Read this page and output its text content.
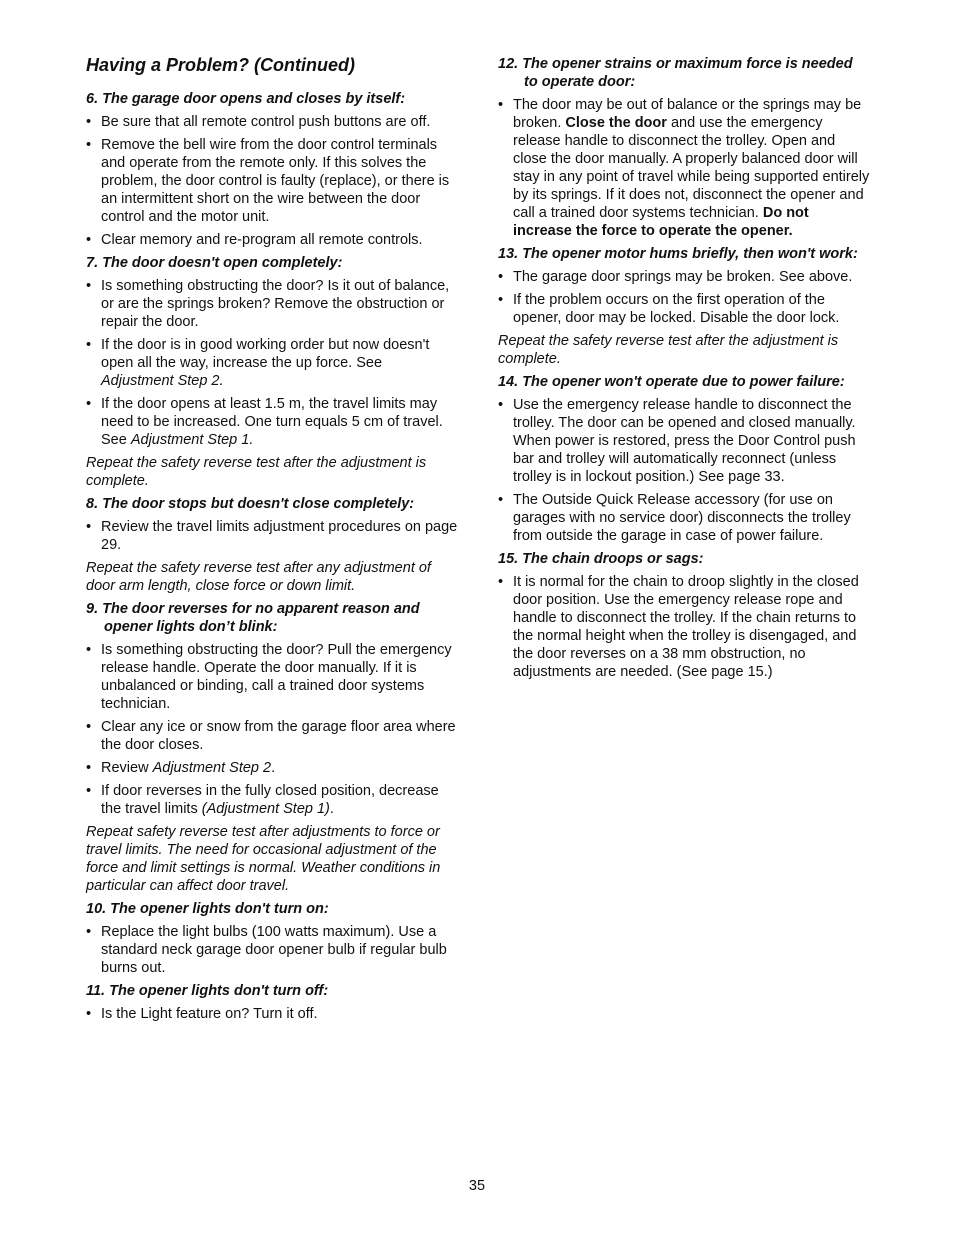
Having a Problem? (Continued)

6. The garage door opens and closes by itself:

• Be sure that all remote control push buttons are off.
• Remove the bell wire from the door control terminals and operate from the remote only. If this solves the problem, the door control is faulty (replace), or there is an intermittent short on the wire between the door control and the motor unit.
• Clear memory and re-program all remote controls.

7. The door doesn't open completely:

• Is something obstructing the door? Is it out of balance, or are the springs broken? Remove the obstruction or repair the door.
• If the door is in good working order but now doesn't open all the way, increase the up force. See Adjustment Step 2.
• If the door opens at least 1.5 m, the travel limits may need to be increased. One turn equals 5 cm of travel. See Adjustment Step 1.

Repeat the safety reverse test after the adjustment is complete.

8. The door stops but doesn't close completely:

• Review the travel limits adjustment procedures on page 29.

Repeat the safety reverse test after any adjustment of door arm length, close force or down limit.

9. The door reverses for no apparent reason and opener lights don’t blink:

• Is something obstructing the door? Pull the emergency release handle. Operate the door manually. If it is unbalanced or binding, call a trained door systems technician.
• Clear any ice or snow from the garage floor area where the door closes.
• Review Adjustment Step 2.
• If door reverses in the fully closed position, decrease the travel limits (Adjustment Step 1).

Repeat safety reverse test after adjustments to force or travel limits. The need for occasional adjustment of the force and limit settings is normal. Weather conditions in particular can affect door travel.

10. The opener lights don't turn on:

• Replace the light bulbs (100 watts maximum). Use a standard neck garage door opener bulb if regular bulb burns out.

11. The opener lights don't turn off:

• Is the Light feature on? Turn it off.

12. The opener strains or maximum force is needed to operate door:

• The door may be out of balance or the springs may be broken. Close the door and use the emergency release handle to disconnect the trolley. Open and close the door manually. A properly balanced door will stay in any point of travel while being supported entirely by its springs. If it does not, disconnect the opener and call a trained door systems technician. Do not increase the force to operate the opener.

13. The opener motor hums briefly, then won't work:

• The garage door springs may be broken. See above.
• If the problem occurs on the first operation of the opener, door may be locked. Disable the door lock.

Repeat the safety reverse test after the adjustment is complete.

14. The opener won't operate due to power failure:

• Use the emergency release handle to disconnect the trolley. The door can be opened and closed manually. When power is restored, press the Door Control push bar and trolley will automatically reconnect (unless trolley is in lockout position.) See page 33.
• The Outside Quick Release accessory (for use on garages with no service door) disconnects the trolley from outside the garage in case of power failure.

15. The chain droops or sags:

• It is normal for the chain to droop slightly in the closed door position. Use the emergency release rope and handle to disconnect the trolley. If the chain returns to the normal height when the trolley is disengaged, and the door reverses on a 38 mm obstruction, no adjustments are needed. (See page 15.)
35
